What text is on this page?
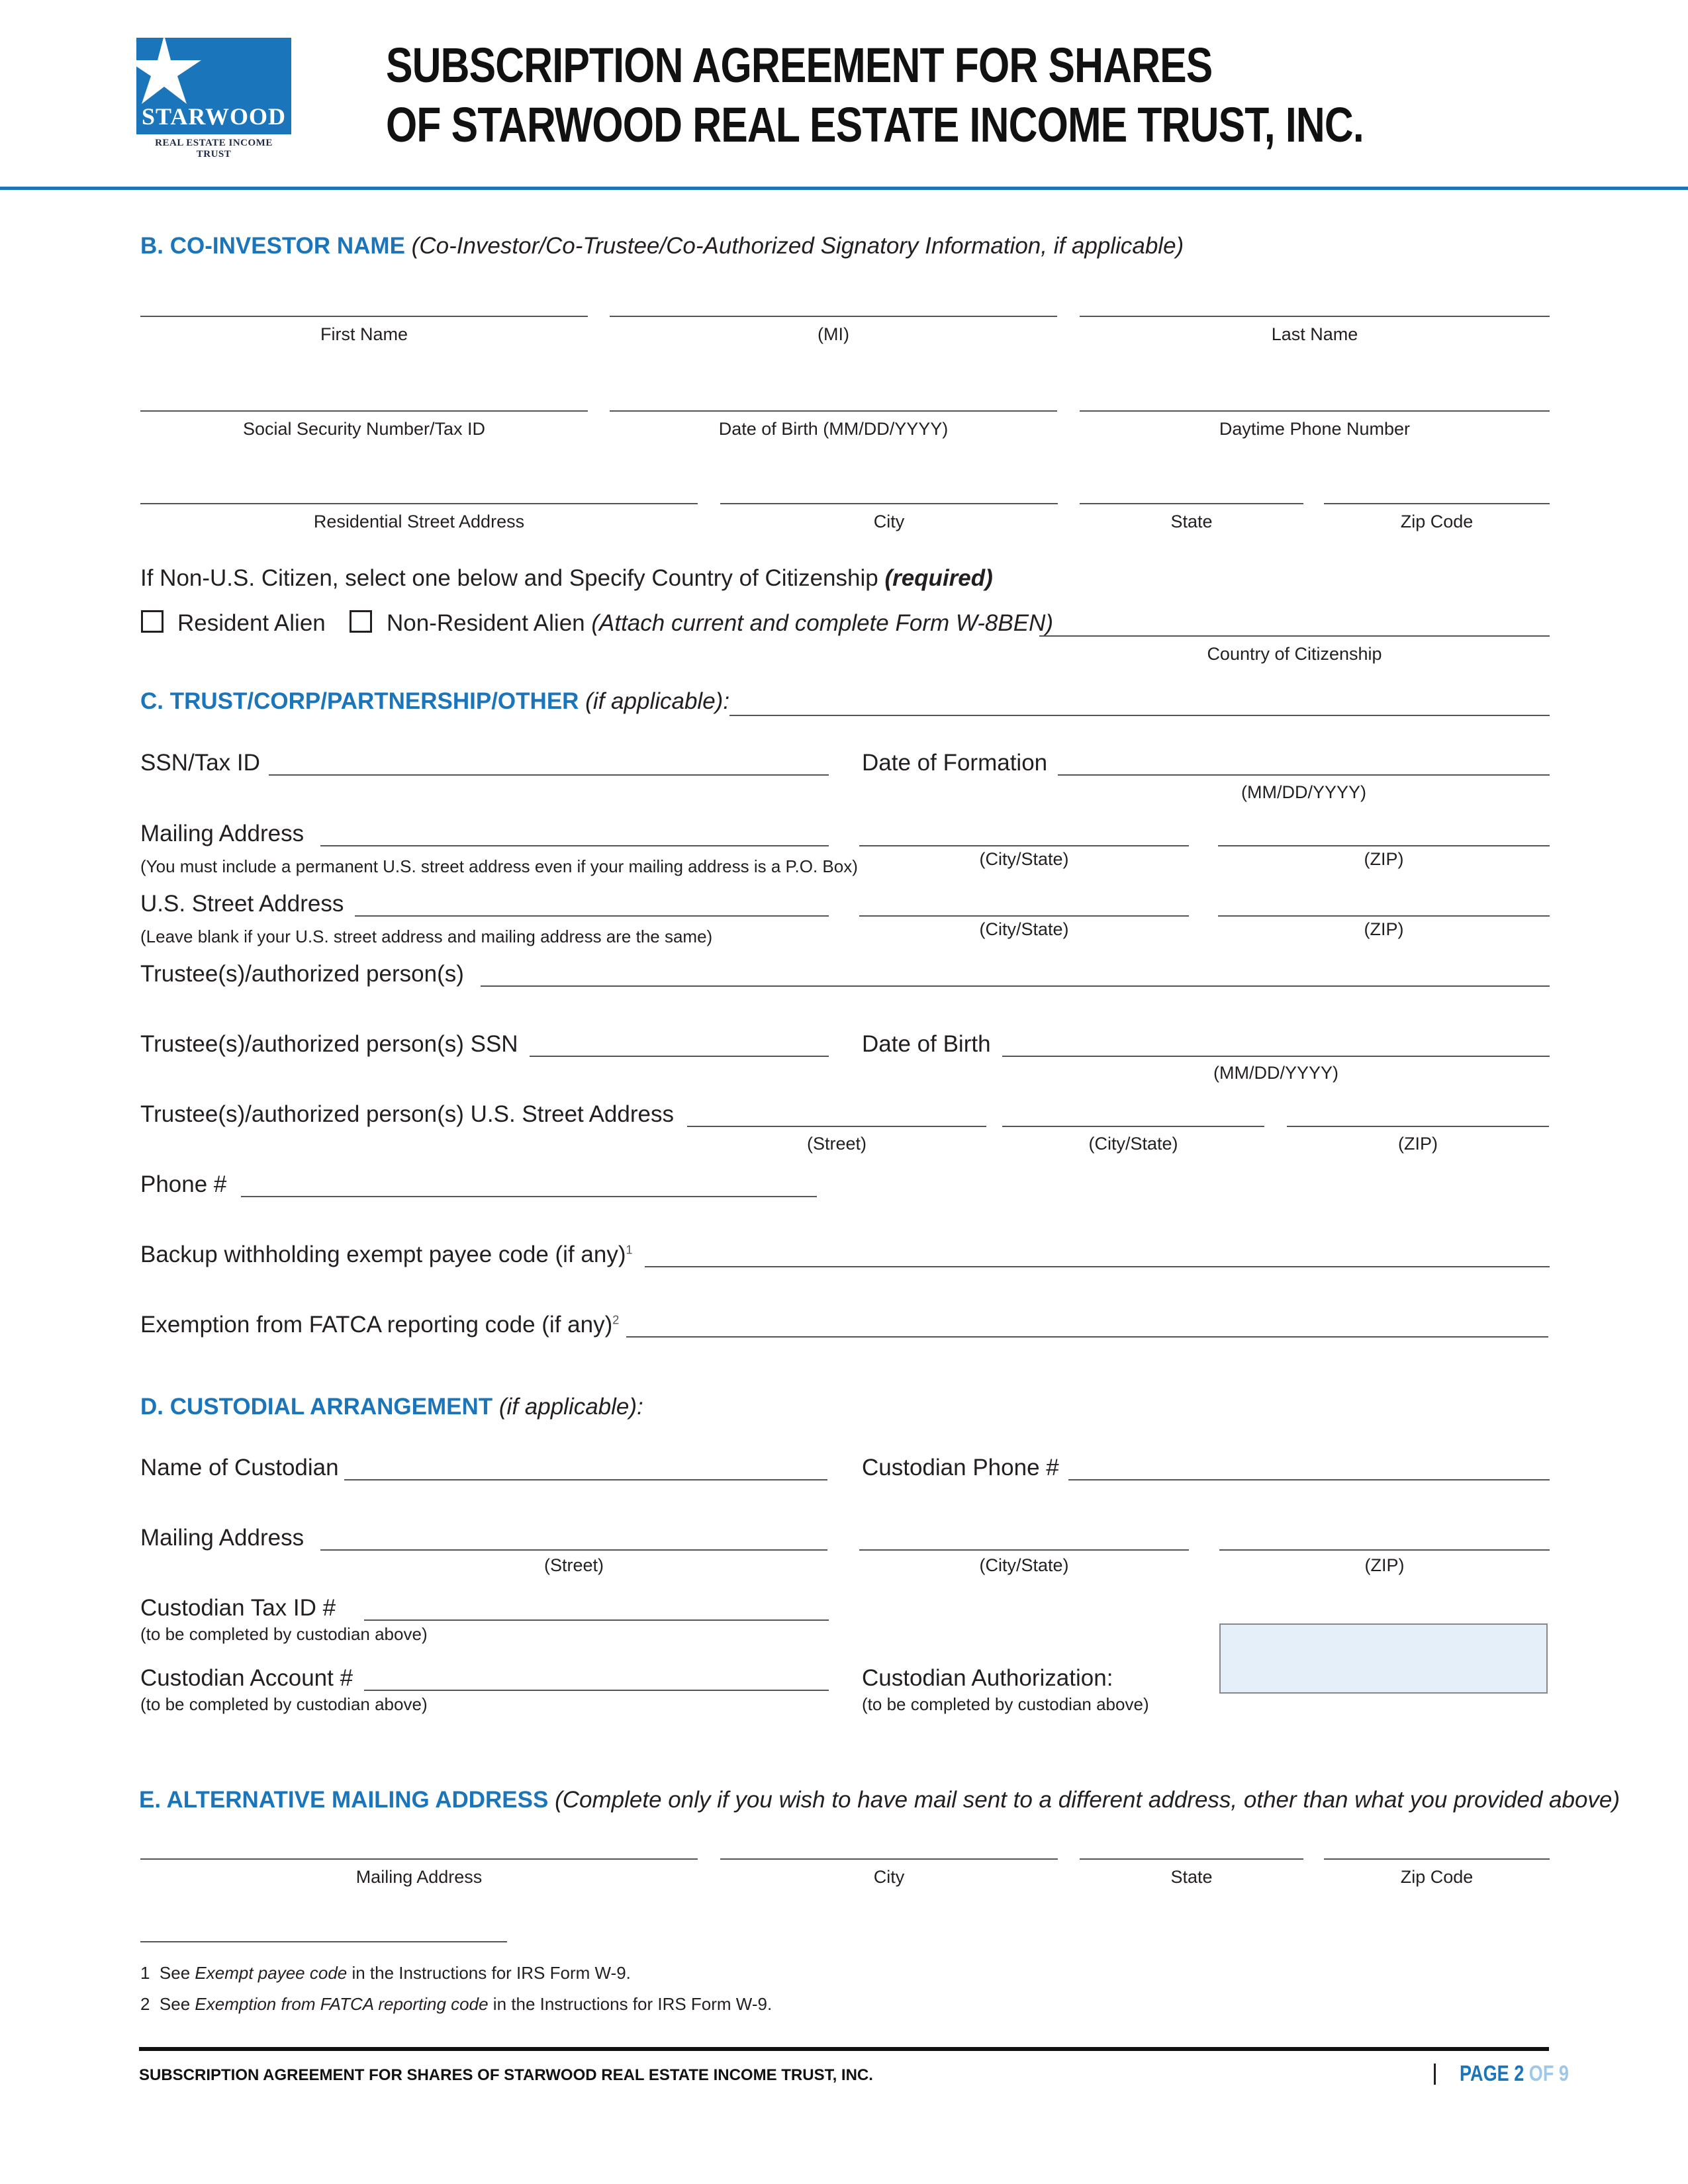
STARWOOD
REAL ESTATE INCOME TRUST
SUBSCRIPTION AGREEMENT FOR SHARES
OF STARWOOD REAL ESTATE INCOME TRUST, INC.
B. CO-INVESTOR NAME (Co-Investor/Co-Trustee/Co-Authorized Signatory Information, if applicable)
First Name	(MI)	Last Name
Social Security Number/Tax ID	Date of Birth (MM/DD/YYYY)	Daytime Phone Number
Residential Street Address	City	State	Zip Code
If Non-U.S. Citizen, select one below and Specify Country of Citizenship (required)
Resident Alien	Non-Resident Alien (Attach current and complete Form W-8BEN)
Country of Citizenship
C. TRUST/CORP/PARTNERSHIP/OTHER (if applicable):
SSN/Tax ID	Date of Formation
(MM/DD/YYYY)
Mailing Address
(You must include a permanent U.S. street address even if your mailing address is a P.O. Box)	(City/State)	(ZIP)
U.S. Street Address
(Leave blank if your U.S. street address and mailing address are the same)	(City/State)	(ZIP)
Trustee(s)/authorized person(s)
Trustee(s)/authorized person(s) SSN	Date of Birth
(MM/DD/YYYY)
Trustee(s)/authorized person(s) U.S. Street Address
(Street)	(City/State)	(ZIP)
Phone #
Backup withholding exempt payee code (if any)$^1$
Exemption from FATCA reporting code (if any)$^2$
D. CUSTODIAL ARRANGEMENT (if applicable):
Name of Custodian	Custodian Phone #
Mailing Address
(Street)	(City/State)	(ZIP)
Custodian Tax ID #
(to be completed by custodian above)
Custodian Account #
(to be completed by custodian above)
Custodian Authorization:
(to be completed by custodian above)
E. ALTERNATIVE MAILING ADDRESS (Complete only if you wish to have mail sent to a different address, other than what you provided above)
Mailing Address	City	State	Zip Code
1 See Exempt payee code in the Instructions for IRS Form W-9.
2 See Exemption from FATCA reporting code in the Instructions for IRS Form W-9.
SUBSCRIPTION AGREEMENT FOR SHARES OF STARWOOD REAL ESTATE INCOME TRUST, INC.	PAGE 2 OF 9
